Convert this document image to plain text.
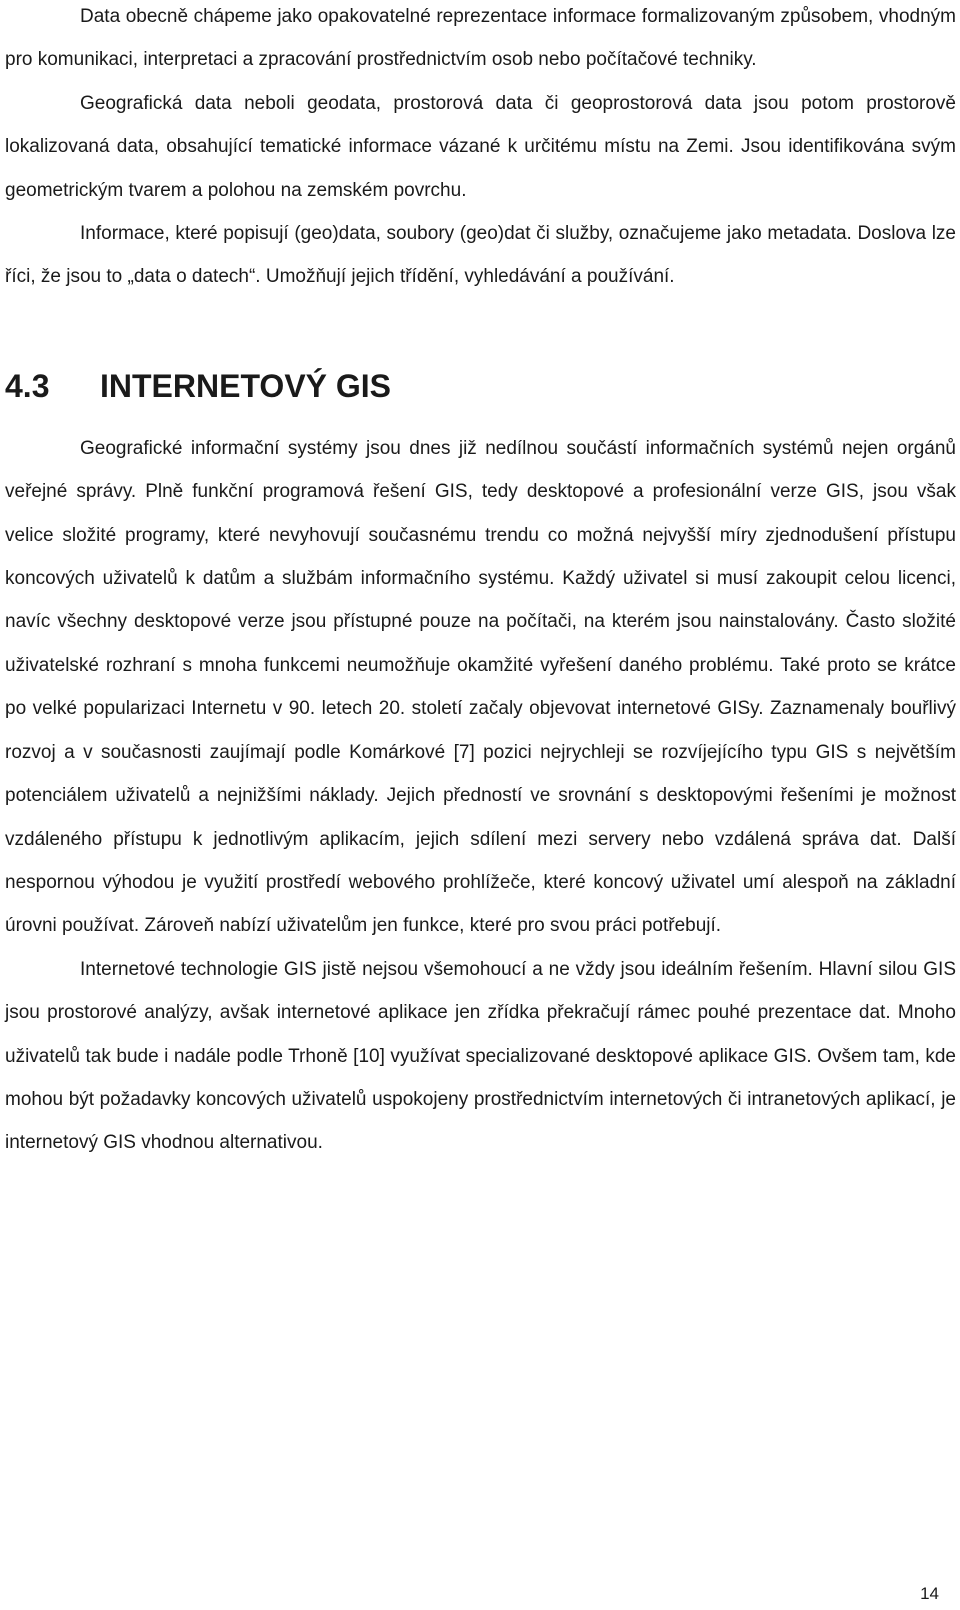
Data obecně chápeme jako opakovatelné reprezentace informace formalizovaným způsobem, vhodným pro komunikaci, interpretaci a zpracování prostřednictvím osob nebo počítačové techniky.

Geografická data neboli geodata, prostorová data či geoprostorová data jsou potom prostorově lokalizovaná data, obsahující tematické informace vázané k určitému místu na Zemi. Jsou identifikována svým geometrickým tvarem a polohou na zemském povrchu.

Informace, které popisují (geo)data, soubory (geo)dat či služby, označujeme jako metadata. Doslova lze říci, že jsou to „data o datech“. Umožňují jejich třídění, vyhledávání a používání.

4.3	INTERNETOVÝ GIS

Geografické informační systémy jsou dnes již nedílnou součástí informačních systémů nejen orgánů veřejné správy. Plně funkční programová řešení GIS, tedy desktopové a profesionální verze GIS, jsou však velice složité programy, které nevyhovují současnému trendu co možná nejvyšší míry zjednodušení přístupu koncových uživatelů k datům a službám informačního systému. Každý uživatel si musí zakoupit celou licenci, navíc všechny desktopové verze jsou přístupné pouze na počítači, na kterém jsou nainstalovány. Často složité uživatelské rozhraní s mnoha funkcemi neumožňuje okamžité vyřešení daného problému. Také proto se krátce po velké popularizaci Internetu v 90. letech 20. století začaly objevovat internetové GISy. Zaznamenaly bouřlivý rozvoj a v současnosti zaujímají podle Komárkové [7] pozici nejrychleji se rozvíjejícího typu GIS s největším potenciálem uživatelů a nejnižšími náklady. Jejich předností ve srovnání s desktopovými řešeními je možnost vzdáleného přístupu k jednotlivým aplikacím, jejich sdílení mezi servery nebo vzdálená správa dat. Další nespornou výhodou je využití prostředí webového prohlížeče, které koncový uživatel umí alespoň na základní úrovni používat. Zároveň nabízí uživatelům jen funkce, které pro svou práci potřebují.

Internetové technologie GIS jistě nejsou všemohoucí a ne vždy jsou ideálním řešením. Hlavní silou GIS jsou prostorové analýzy, avšak internetové aplikace jen zřídka překračují rámec pouhé prezentace dat. Mnoho uživatelů tak bude i nadále podle Trhoně [10] využívat specializované desktopové aplikace GIS. Ovšem tam, kde mohou být požadavky koncových uživatelů uspokojeny prostřednictvím internetových či intranetových aplikací, je internetový GIS vhodnou alternativou.

14
